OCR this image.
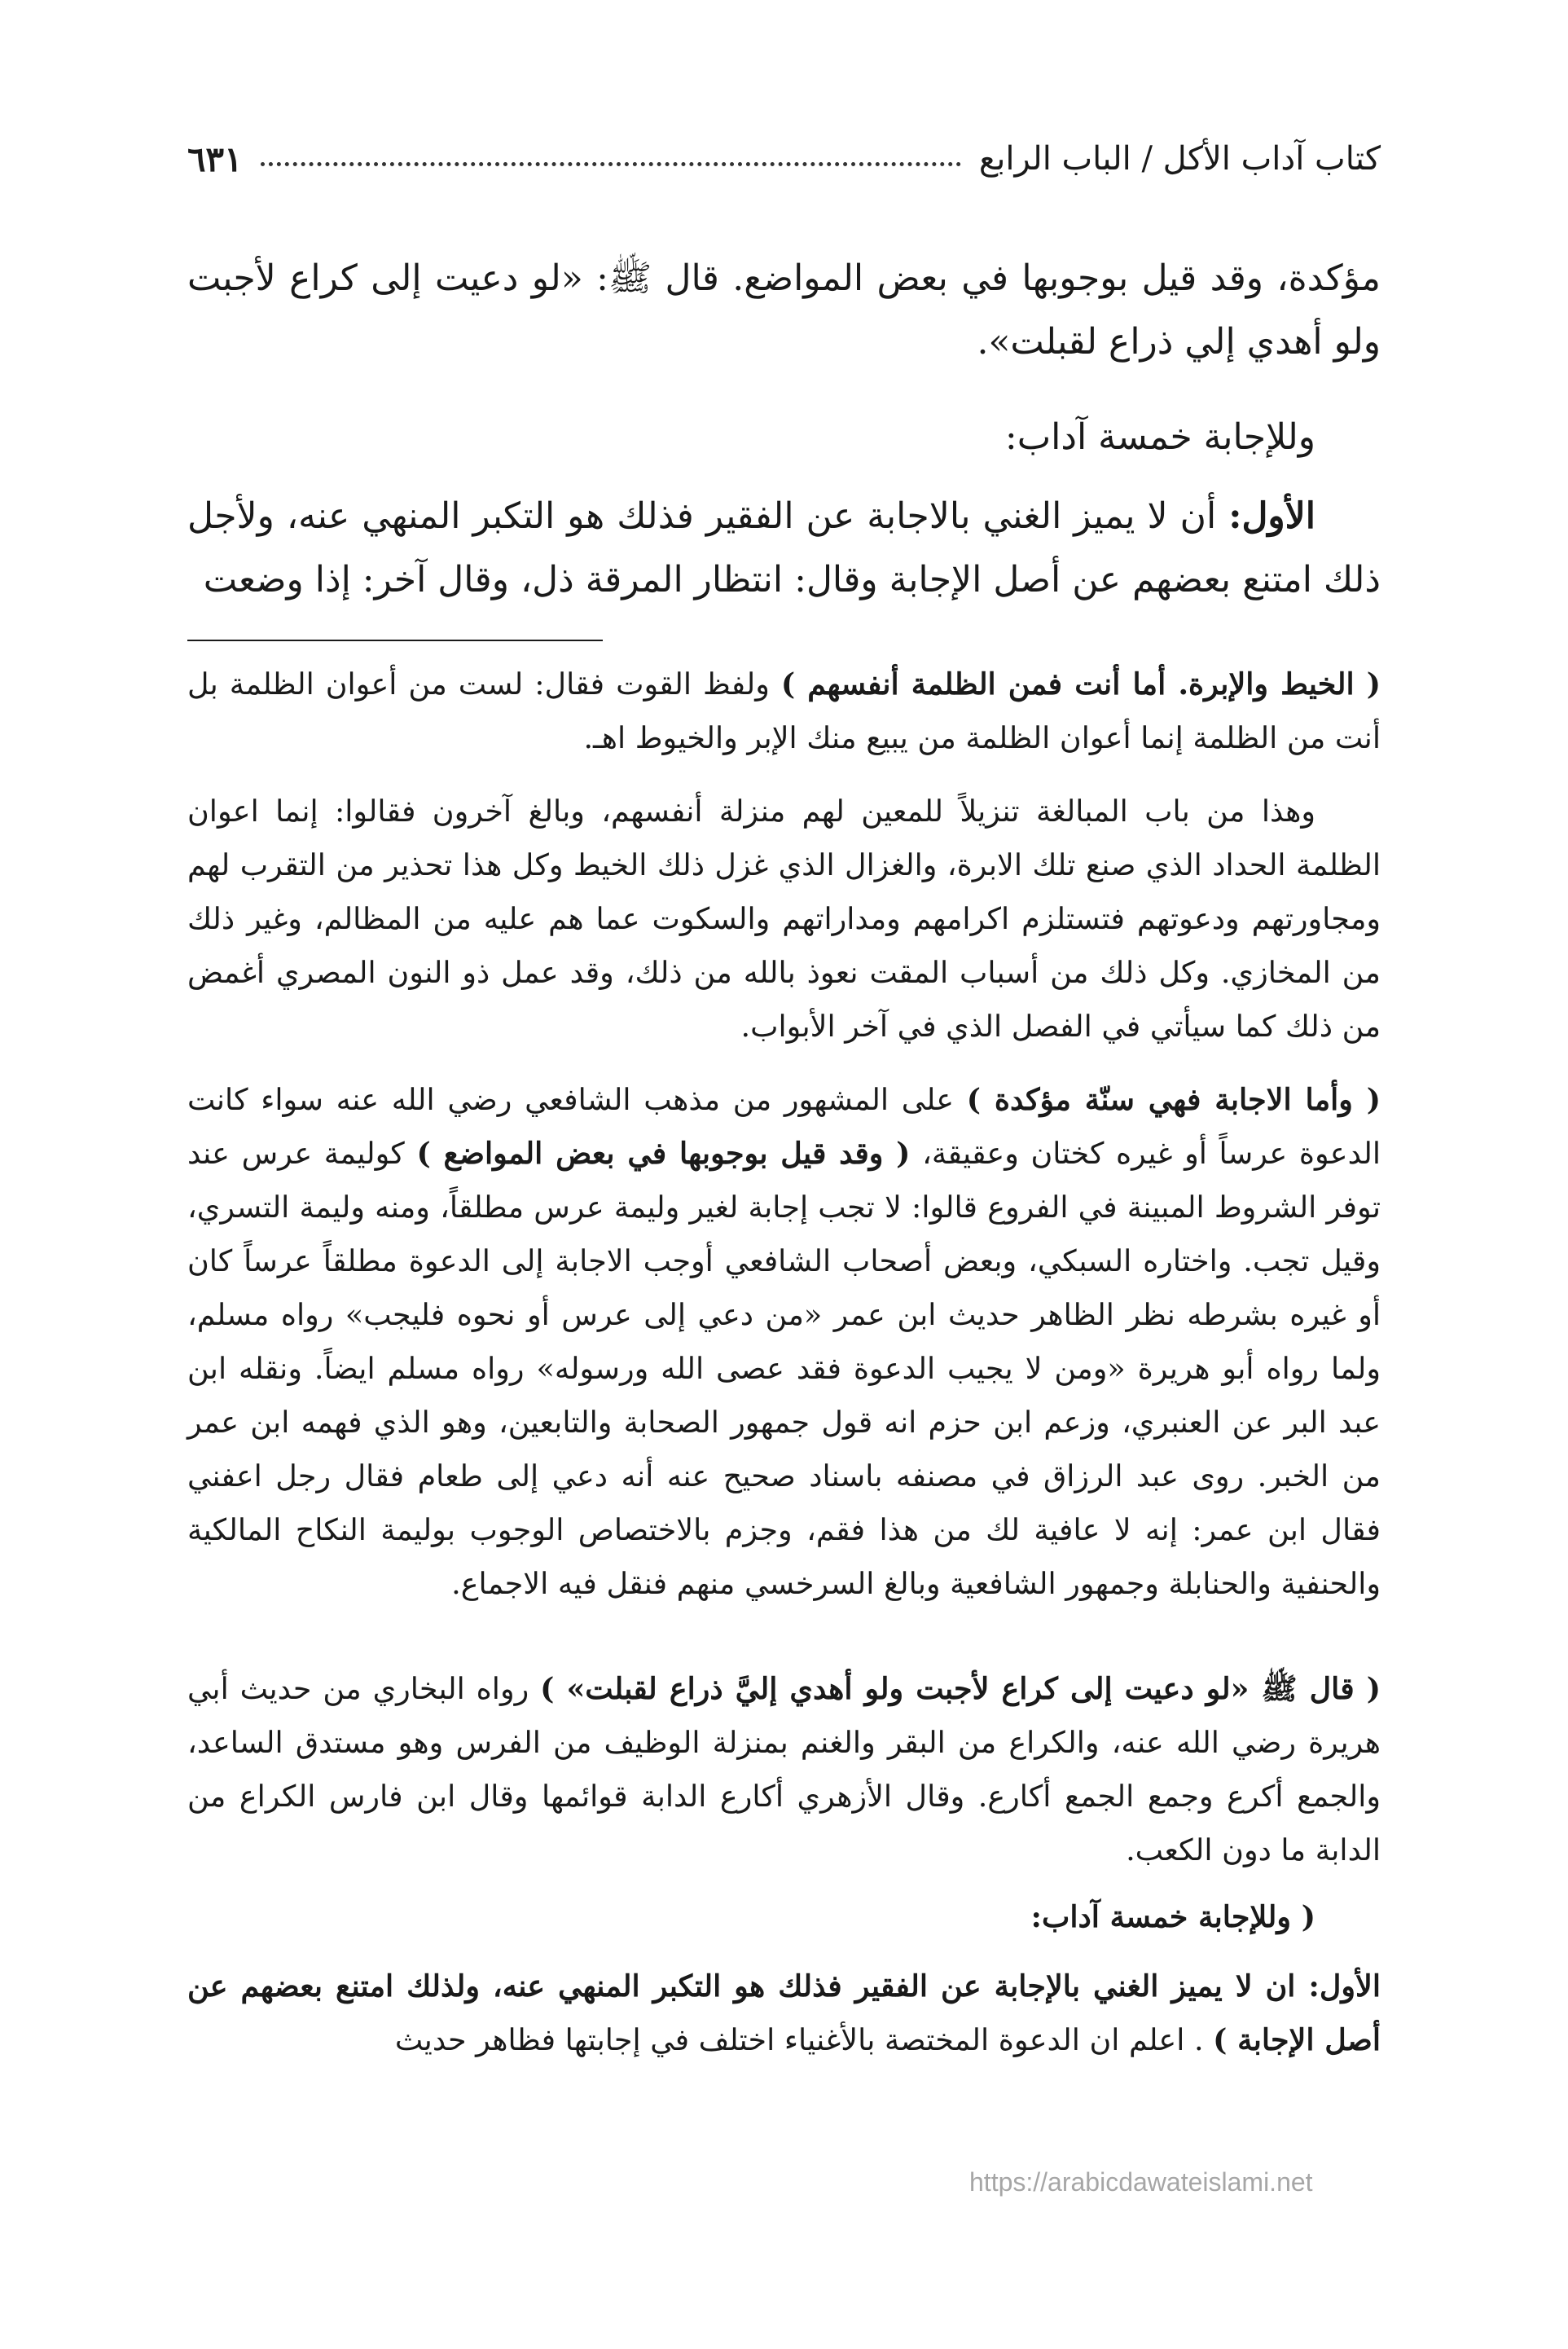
كتاب آداب الأكل / الباب الرابع
٦٣١

مؤكدة، وقد قيل بوجوبها في بعض المواضع. قال ﷺ: «لو دعيت إلى كراع لأجبت ولو أهدي إلي ذراع لقبلت».

وللإجابة خمسة آداب:

الأول: أن لا يميز الغني بالاجابة عن الفقير فذلك هو التكبر المنهي عنه، ولأجل ذلك امتنع بعضهم عن أصل الإجابة وقال: انتظار المرقة ذل، وقال آخر: إذا وضعت

( الخيط والإبرة. أما أنت فمن الظلمة أنفسهم ) ولفظ القوت فقال: لست من أعوان الظلمة بل أنت من الظلمة إنما أعوان الظلمة من يبيع منك الإبر والخيوط اهـ.

وهذا من باب المبالغة تنزيلاً للمعين لهم منزلة أنفسهم، وبالغ آخرون فقالوا: إنما اعوان الظلمة الحداد الذي صنع تلك الابرة، والغزال الذي غزل ذلك الخيط وكل هذا تحذير من التقرب لهم ومجاورتهم ودعوتهم فتستلزم اكرامهم ومداراتهم والسكوت عما هم عليه من المظالم، وغير ذلك من المخازي. وكل ذلك من أسباب المقت نعوذ بالله من ذلك، وقد عمل ذو النون المصري أغمض من ذلك كما سيأتي في الفصل الذي في آخر الأبواب.

( وأما الاجابة فهي سنّة مؤكدة ) على المشهور من مذهب الشافعي رضي الله عنه سواء كانت الدعوة عرساً أو غيره كختان وعقيقة، ( وقد قيل بوجوبها في بعض المواضع ) كوليمة عرس عند توفر الشروط المبينة في الفروع قالوا: لا تجب إجابة لغير وليمة عرس مطلقاً، ومنه وليمة التسري، وقيل تجب. واختاره السبكي، وبعض أصحاب الشافعي أوجب الاجابة إلى الدعوة مطلقاً عرساً كان أو غيره بشرطه نظر الظاهر حديث ابن عمر «من دعي إلى عرس أو نحوه فليجب» رواه مسلم، ولما رواه أبو هريرة «ومن لا يجيب الدعوة فقد عصى الله ورسوله» رواه مسلم ايضاً. ونقله ابن عبد البر عن العنبري، وزعم ابن حزم انه قول جمهور الصحابة والتابعين، وهو الذي فهمه ابن عمر من الخبر. روى عبد الرزاق في مصنفه باسناد صحيح عنه أنه دعي إلى طعام فقال رجل اعفني فقال ابن عمر: إنه لا عافية لك من هذا فقم، وجزم بالاختصاص الوجوب بوليمة النكاح المالكية والحنفية والحنابلة وجمهور الشافعية وبالغ السرخسي منهم فنقل فيه الاجماع.

( قال ﷺ «لو دعيت إلى كراع لأجبت ولو أهدي إليَّ ذراع لقبلت» ) رواه البخاري من حديث أبي هريرة رضي الله عنه، والكراع من البقر والغنم بمنزلة الوظيف من الفرس وهو مستدق الساعد، والجمع أكرع وجمع الجمع أكارع. وقال الأزهري أكارع الدابة قوائمها وقال ابن فارس الكراع من الدابة ما دون الكعب.

( وللإجابة خمسة آداب:

الأول: ان لا يميز الغني بالإجابة عن الفقير فذلك هو التكبر المنهي عنه، ولذلك امتنع بعضهم عن أصل الإجابة ) . اعلم ان الدعوة المختصة بالأغنياء اختلف في إجابتها فظاهر حديث

https://arabicdawateislami.net
